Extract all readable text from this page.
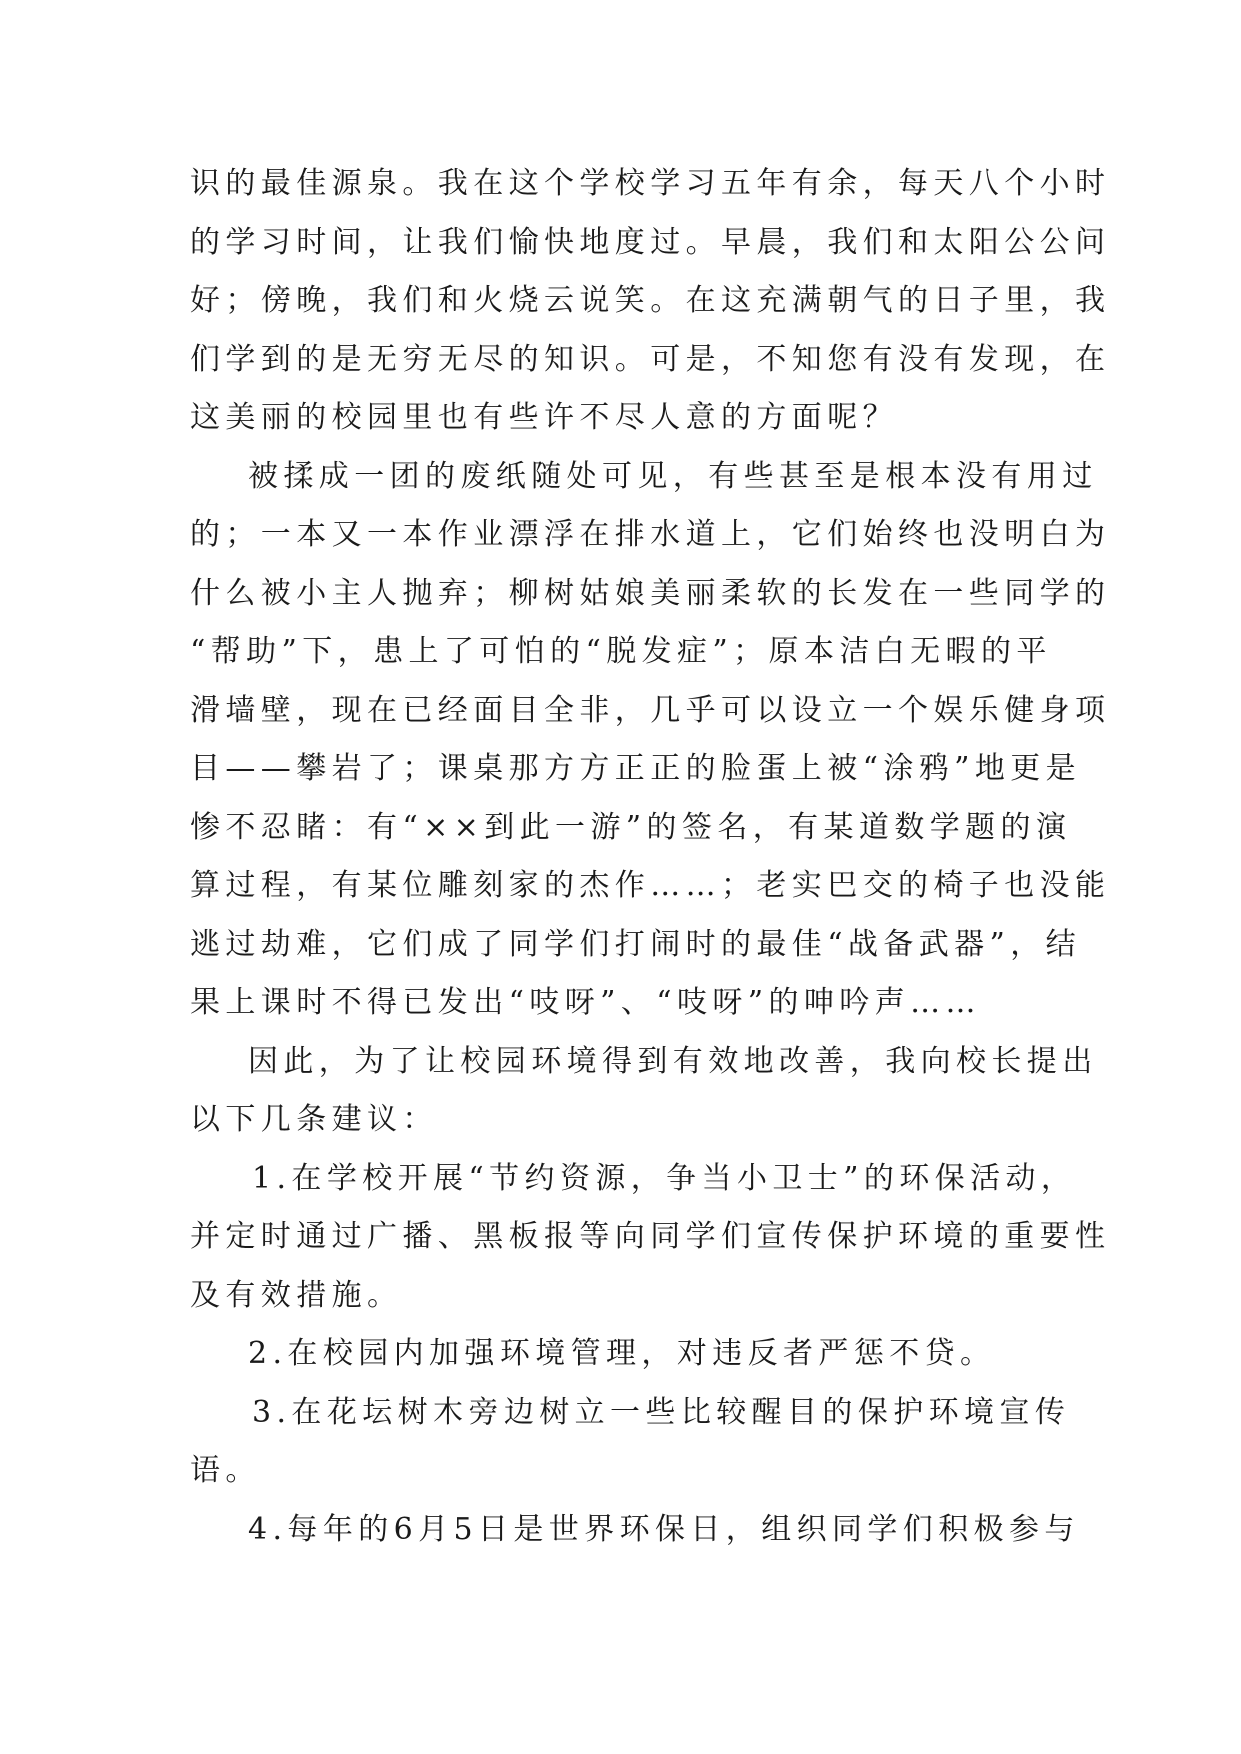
识的最佳源泉。我在这个学校学习五年有余，每天八个小时
的学习时间，让我们愉快地度过。早晨，我们和太阳公公问
好；傍晚，我们和火烧云说笑。在这充满朝气的日子里，我
们学到的是无穷无尽的知识。可是，不知您有没有发现，在
这美丽的校园里也有些许不尽人意的方面呢？

被揉成一团的废纸随处可见，有些甚至是根本没有用过
的；一本又一本作业漂浮在排水道上，它们始终也没明白为
什么被小主人抛弃；柳树姑娘美丽柔软的长发在一些同学的
“帮助”下，患上了可怕的“脱发症”；原本洁白无暇的平
滑墙壁，现在已经面目全非，几乎可以设立一个娱乐健身项
目——攀岩了；课桌那方方正正的脸蛋上被“涂鸦”地更是
惨不忍睹：有“××到此一游”的签名，有某道数学题的演
算过程，有某位雕刻家的杰作……；老实巴交的椅子也没能
逃过劫难，它们成了同学们打闹时的最佳“战备武器”，结
果上课时不得已发出“吱呀”、“吱呀”的呻吟声……

因此，为了让校园环境得到有效地改善，我向校长提出
以下几条建议：

1.在学校开展“节约资源，争当小卫士”的环保活动，
并定时通过广播、黑板报等向同学们宣传保护环境的重要性
及有效措施。

2.在校园内加强环境管理，对违反者严惩不贷。

3.在花坛树木旁边树立一些比较醒目的保护环境宣传
语。

4.每年的6月5日是世界环保日，组织同学们积极参与
